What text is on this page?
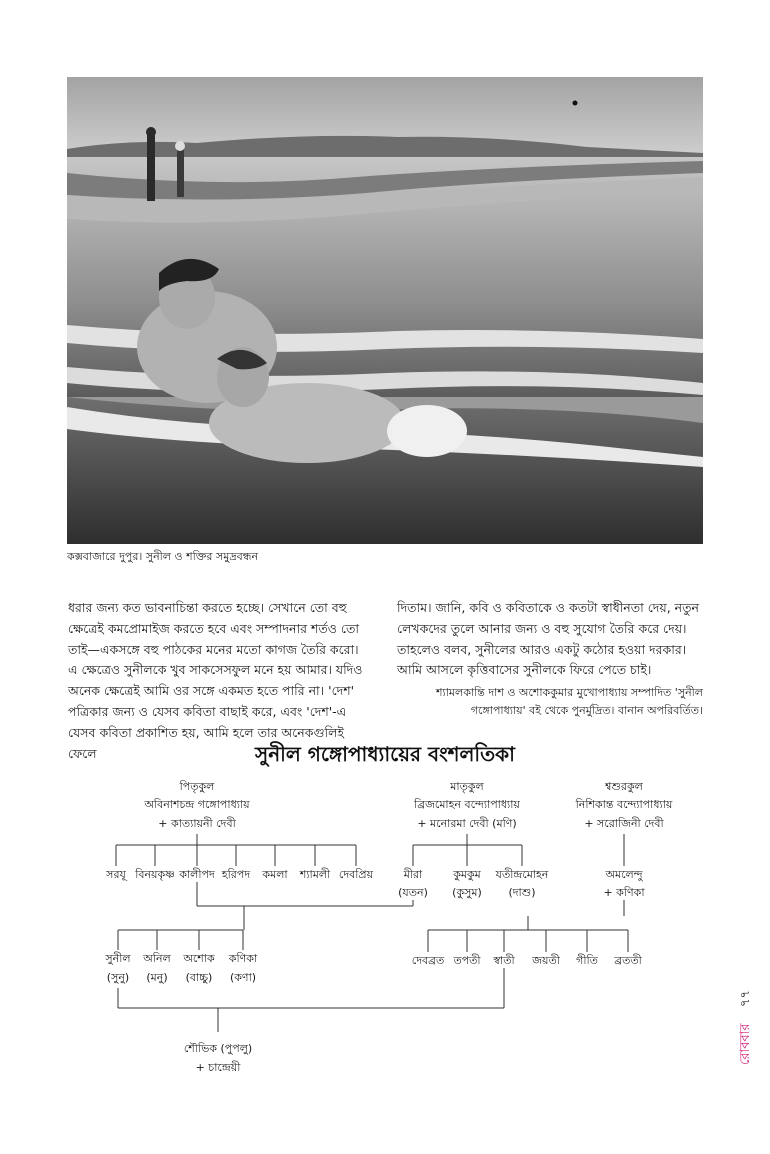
কক্সবাজারে দুপুর। সুনীল ও শক্তির সমুদ্রবন্ধন

ধরার জন্য কত ভাবনাচিন্তা করতে হচ্ছে। সেখানে তো বহু

ক্ষেত্রেই কমপ্রোমাইজ করতে হবে এবং সম্পাদনার শর্তও তো

তাই—একসঙ্গে বহু পাঠকের মনের মতো কাগজ তৈরি করো।

এ ক্ষেত্রেও সুনীলকে খুব সাকসেসফুল মনে হয় আমার। যদিও

অনেক ক্ষেত্রেই আমি ওর সঙ্গে একমত হতে পারি না। 'দেশ'

পত্রিকার জন্য ও যেসব কবিতা বাছাই করে, এবং 'দেশ'-এ

যেসব কবিতা প্রকাশিত হয়, আমি হলে তার অনেকগুলিই ফেলে

দিতাম। জানি, কবি ও কবিতাকে ও কতটা স্বাধীনতা দেয়, নতুন

লেখকদের তুলে আনার জন্য ও বহু সুযোগ তৈরি করে দেয়।

তাহলেও বলব, সুনীলের আরও একটু কঠোর হওয়া দরকার।

আমি আসলে কৃত্তিবাসের সুনীলকে ফিরে পেতে চাই।

শ্যামলকান্তি দাশ ও অশোককুমার মুখোপাধ্যায় সম্পাদিত 'সুনীল
গঙ্গোপাধ্যায়' বই থেকে পুনর্মুদ্রিত। বানান অপরিবর্তিত।
সুনীল গঙ্গোপাধ্যায়ের বংশলতিকা
পিতৃকুল
অবিনাশচন্দ্র গঙ্গোপাধ্যায়
+ কাত্যায়নী দেবী
সরযূ বিনয়কৃষ্ণ কালীপদ হরিপদ কমলা শ্যামলী দেবপ্রিয়
মাতৃকুল
ব্রিজমোহন বন্দ্যোপাধ্যায়
+ মনোরমা দেবী (মণি)
মীরা
(যতন)
কুমকুম
(কুসুম)
যতীন্দ্রমোহন
(দাশু)
শ্বশুরকুল
নিশিকান্ত বন্দ্যোপাধ্যায়
+ সরোজিনী দেবী
অমলেন্দু
+ কণিকা
দেবব্রত তপতী স্বাতী জয়তী গীতি ব্রততী
সুনীল
(সুনু)
অনিল
(মনু)
অশোক
(বাচ্চু)
কণিকা
(কণা)
শৌভিক (পুপলু)
+ চান্দ্রেয়ী
রোববার
৭৭
